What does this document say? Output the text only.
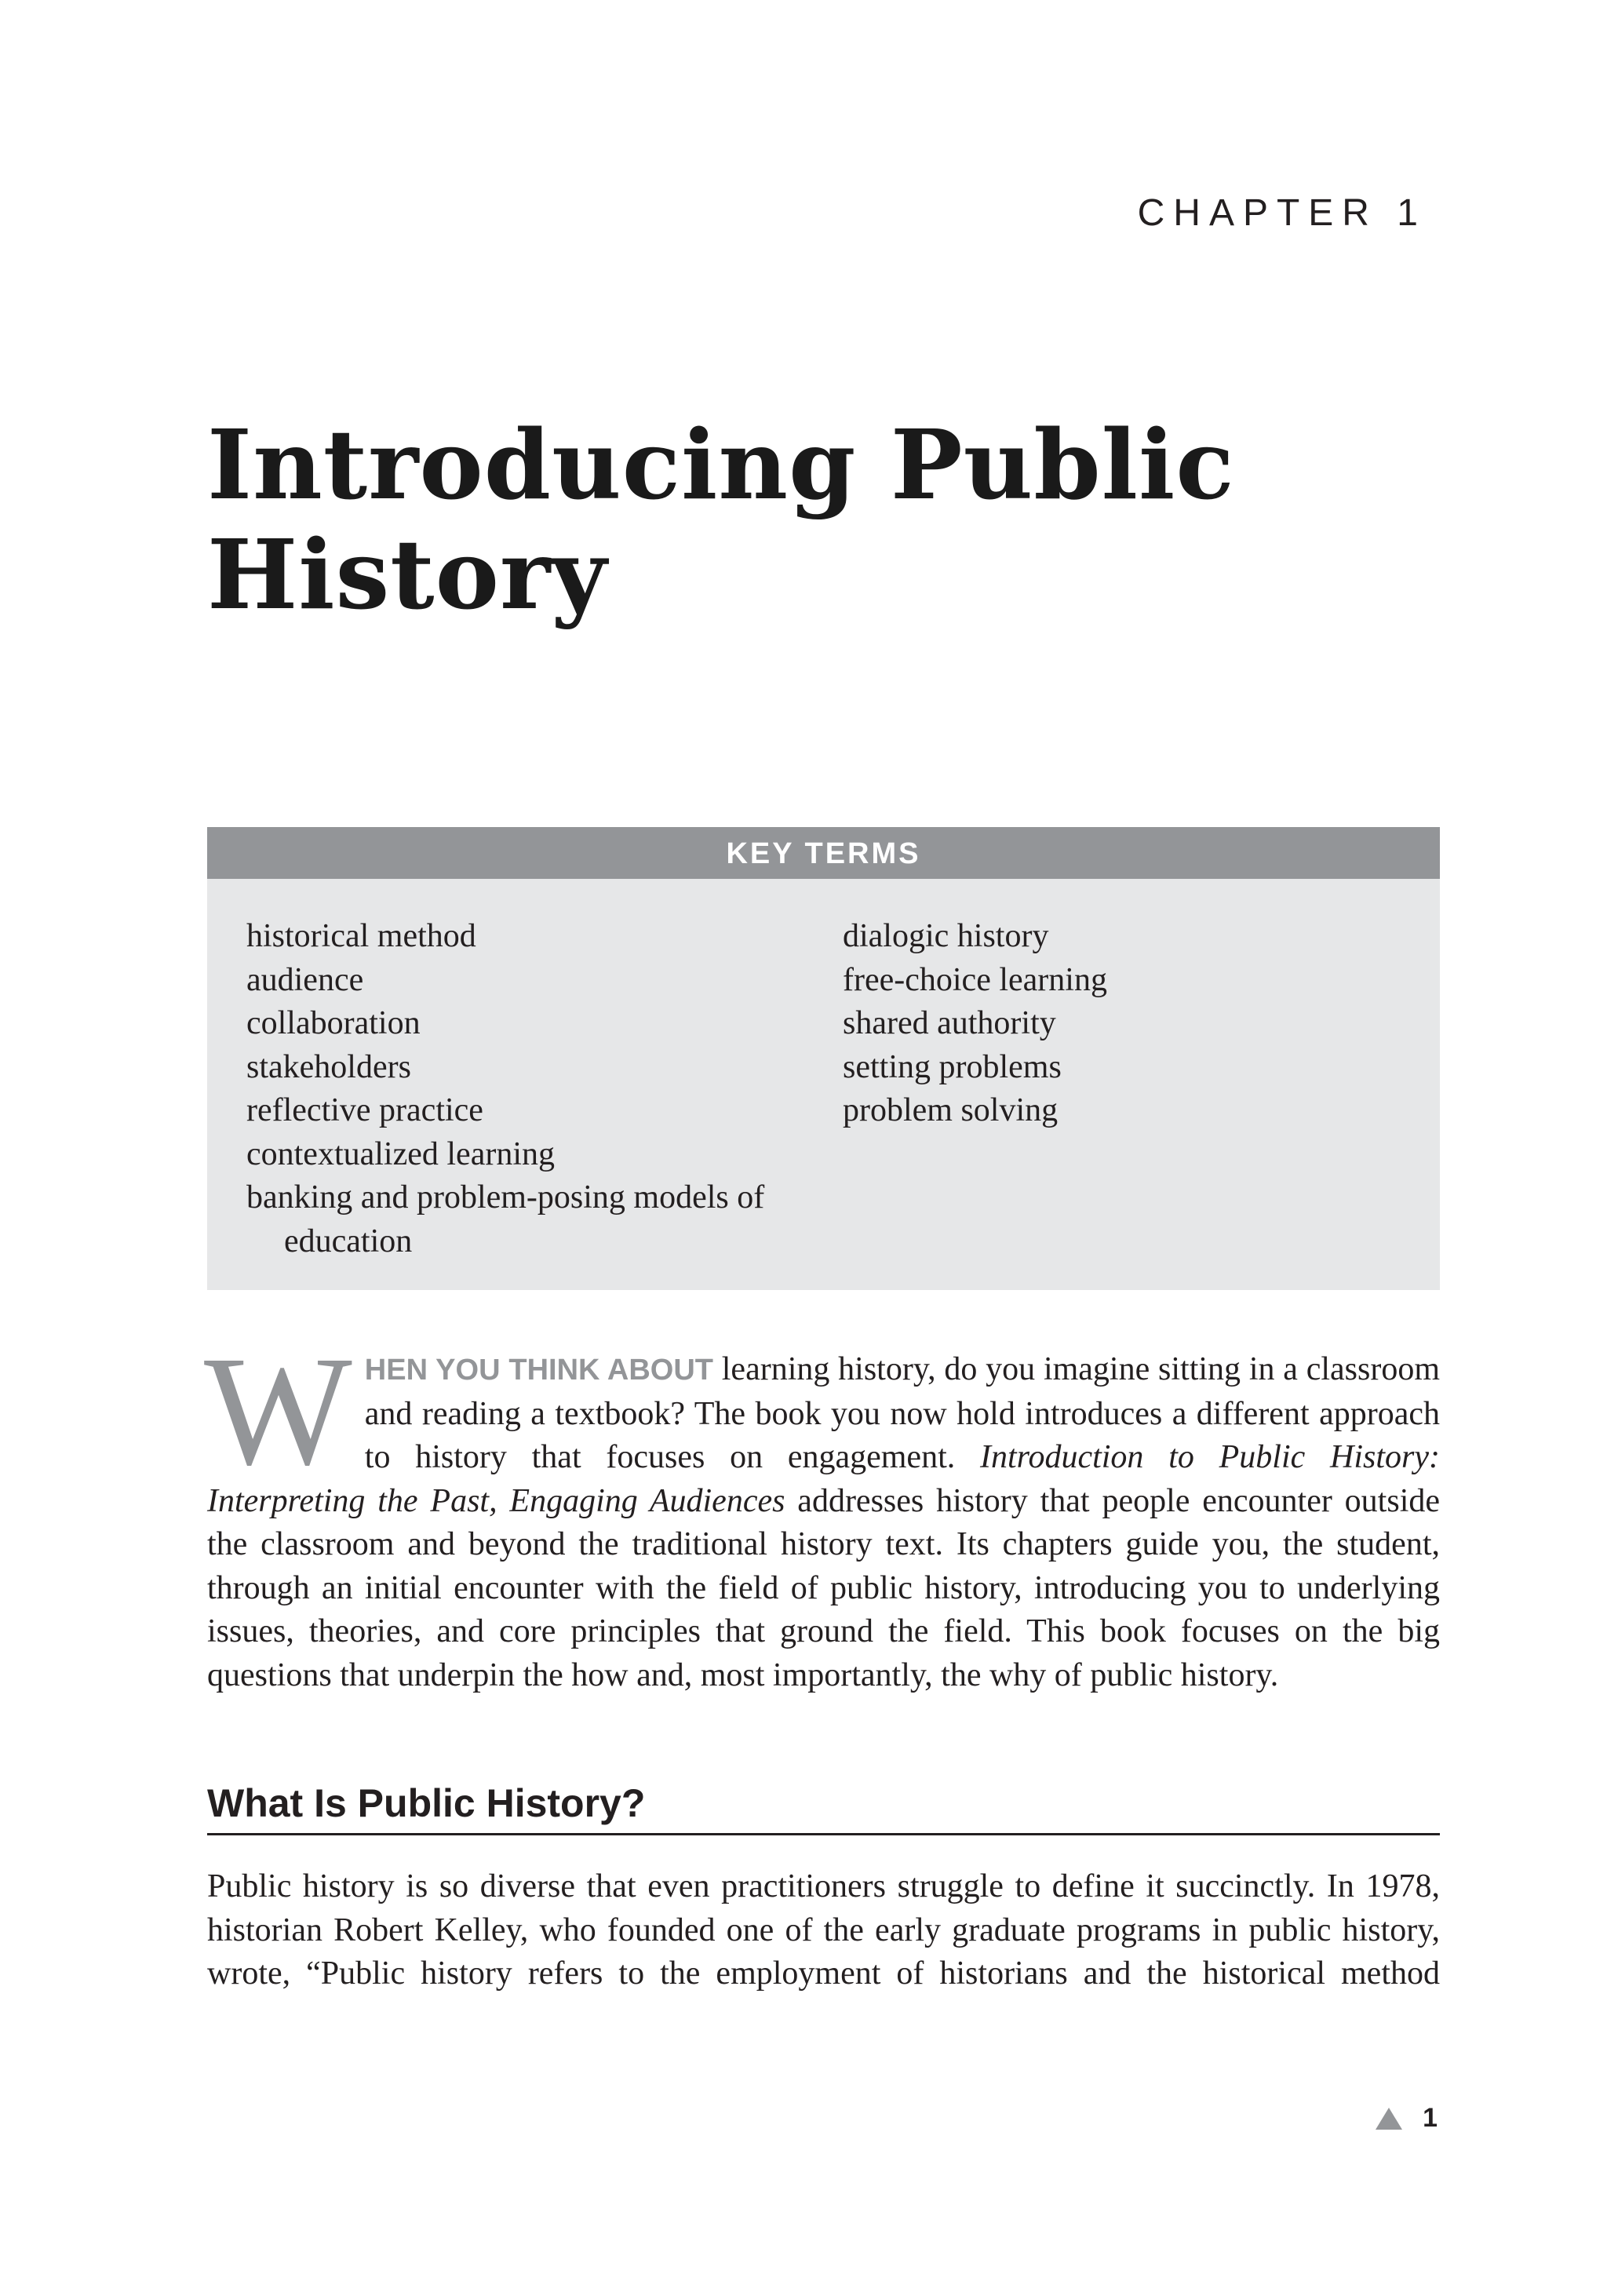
CHAPTER 1
Introducing Public History
KEY TERMS
historical method
audience
collaboration
stakeholders
reflective practice
contextualized learning
banking and problem-posing models of
education
dialogic history
free-choice learning
shared authority
setting problems
problem solving
W HEN YOU THINK ABOUT learning history, do you imagine sitting in a classroom and reading a textbook? The book you now hold introduces a different approach to history that focuses on engagement. Introduction to Public History: Interpreting the Past, Engaging Audiences addresses history that people encounter outside the classroom and beyond the traditional history text. Its chapters guide you, the student, through an initial encounter with the field of public history, introducing you to underlying issues, theories, and core principles that ground the field. This book focuses on the big questions that underpin the how and, most importantly, the why of public history.

What Is Public History?

Public history is so diverse that even practitioners struggle to define it succinctly. In 1978, historian Robert Kelley, who founded one of the early graduate programs in public history, wrote, “Public history refers to the employment of historians and the historical method

1
